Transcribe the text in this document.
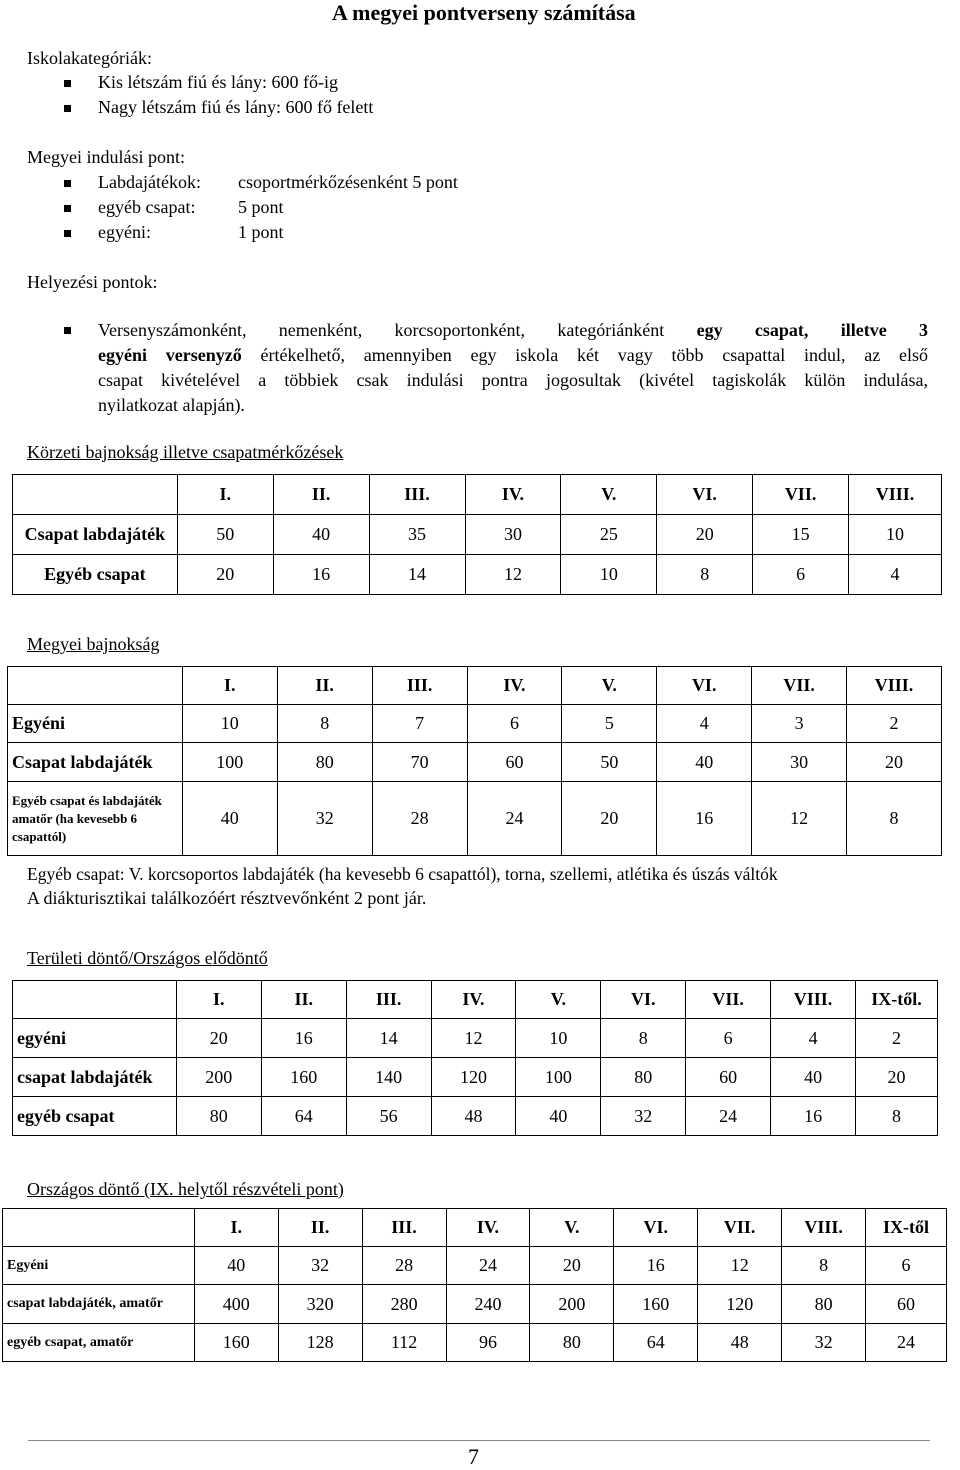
A megyei pontverseny számítása
Iskolakategóriák:
Kis létszám fiú és lány: 600 fő-ig
Nagy létszám fiú és lány: 600 fő felett
Megyei indulási pont:
Labdajátékok: csoportmérkőzésenként 5 pont
egyéb csapat: 5 pont
egyéni:	1 pont
Helyezési pontok:
Versenyszámonként, nemenként, korcsoportonként, kategóriánként egy csapat, illetve 3
egyéni versenyző értékelhető, amennyiben egy iskola két vagy több csapattal indul, az első
csapat kivételével a többiek csak indulási pontra jogosultak (kivétel tagiskolák külön indulása,
nyilatkozat alapján).
Körzeti bajnokság illetve csapatmérkőzések
	I.	II.	III.	IV.	V.	VI.	VII.	VIII.
Csapat labdajáték	50	40	35	30	25	20	15	10
Egyéb csapat	20	16	14	12	10	8	6	4
Megyei bajnokság
	I.	II.	III.	IV.	V.	VI.	VII.	VIII.
Egyéni	10	8	7	6	5	4	3	2
Csapat labdajáték	100	80	70	60	50	40	30	20
Egyéb csapat és labdajáték amatőr (ha kevesebb 6 csapattól)	40	32	28	24	20	16	12	8
Egyéb csapat: V. korcsoportos labdajáték (ha kevesebb 6 csapattól), torna, szellemi, atlétika és úszás váltók
A diákturisztikai találkozóért résztvevőnként 2 pont jár.
Területi döntő/Országos elődöntő
	I.	II.	III.	IV.	V.	VI.	VII.	VIII.	IX-től.
egyéni	20	16	14	12	10	8	6	4	2
csapat labdajáték	200	160	140	120	100	80	60	40	20
egyéb csapat	80	64	56	48	40	32	24	16	8
Országos döntő (IX. helytől részvételi pont)
	I.	II.	III.	IV.	V.	VI.	VII.	VIII.	IX-től
Egyéni	40	32	28	24	20	16	12	8	6
csapat labdajáték, amatőr	400	320	280	240	200	160	120	80	60
egyéb csapat, amatőr	160	128	112	96	80	64	48	32	24
7
